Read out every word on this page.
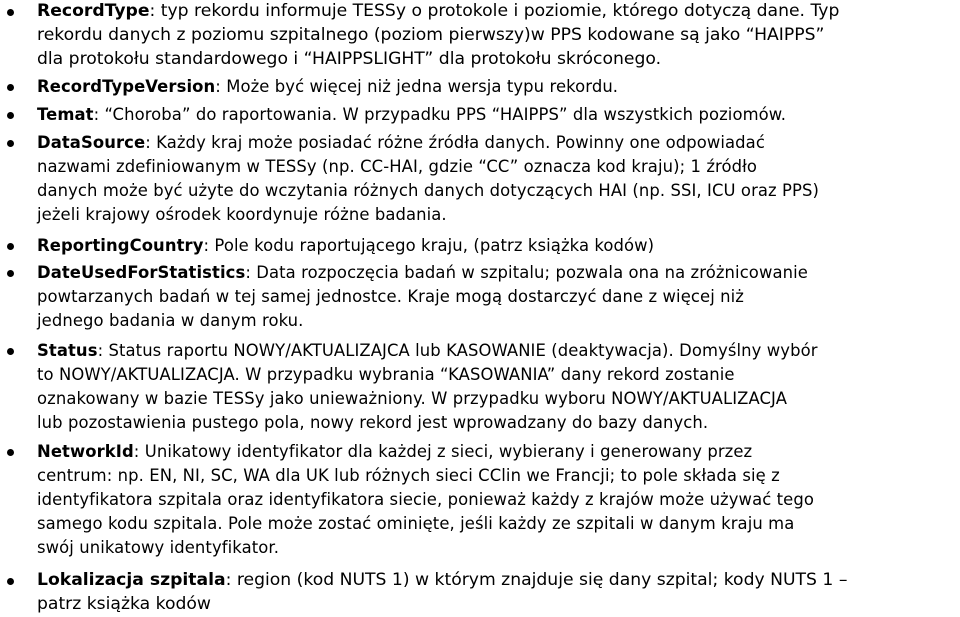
RecordType: typ rekordu informuje TESSy o protokole i poziomie, którego dotyczą dane. Typ
rekordu danych z poziomu szpitalnego (poziom pierwszy)w PPS kodowane są jako “HAIPPS”
dla protokołu standardowego i “HAIPPSLIGHT” dla protokołu skróconego.
RecordTypeVersion: Może być więcej niż jedna wersja typu rekordu.
Temat: “Choroba” do raportowania. W przypadku PPS “HAIPPS” dla wszystkich poziomów.
DataSource: Każdy kraj może posiadać różne źródła danych. Powinny one odpowiadać
nazwami zdefiniowanym w TESSy (np. CC-HAI, gdzie “CC” oznacza kod kraju); 1 źródło
danych może być użyte do wczytania różnych danych dotyczących HAI (np. SSI, ICU oraz PPS)
jeżeli krajowy ośrodek koordynuje różne badania.
ReportingCountry: Pole kodu raportującego kraju, (patrz książka kodów)
DateUsedForStatistics: Data rozpoczęcia badań w szpitalu; pozwala ona na zróżnicowanie
powtarzanych badań w tej samej jednostce. Kraje mogą dostarczyć dane z więcej niż
jednego badania w danym roku.
Status: Status raportu NOWY/AKTUALIZAJCA lub KASOWANIE (deaktywacja). Domyślny wybór
to NOWY/AKTUALIZACJA. W przypadku wybrania “KASOWANIA” dany rekord zostanie
oznakowany w bazie TESSy jako unieważniony. W przypadku wyboru NOWY/AKTUALIZACJA
lub pozostawienia pustego pola, nowy rekord jest wprowadzany do bazy danych.
NetworkId: Unikatowy identyfikator dla każdej z sieci, wybierany i generowany przez
centrum: np. EN, NI, SC, WA dla UK lub różnych sieci CClin we Francji; to pole składa się z
identyfikatora szpitala oraz identyfikatora siecie, ponieważ każdy z krajów może używać tego
samego kodu szpitala. Pole może zostać ominięte, jeśli każdy ze szpitali w danym kraju ma
swój unikatowy identyfikator.
Lokalizacja szpitala: region (kod NUTS 1) w którym znajduje się dany szpital; kody NUTS 1 –
patrz książka kodów
